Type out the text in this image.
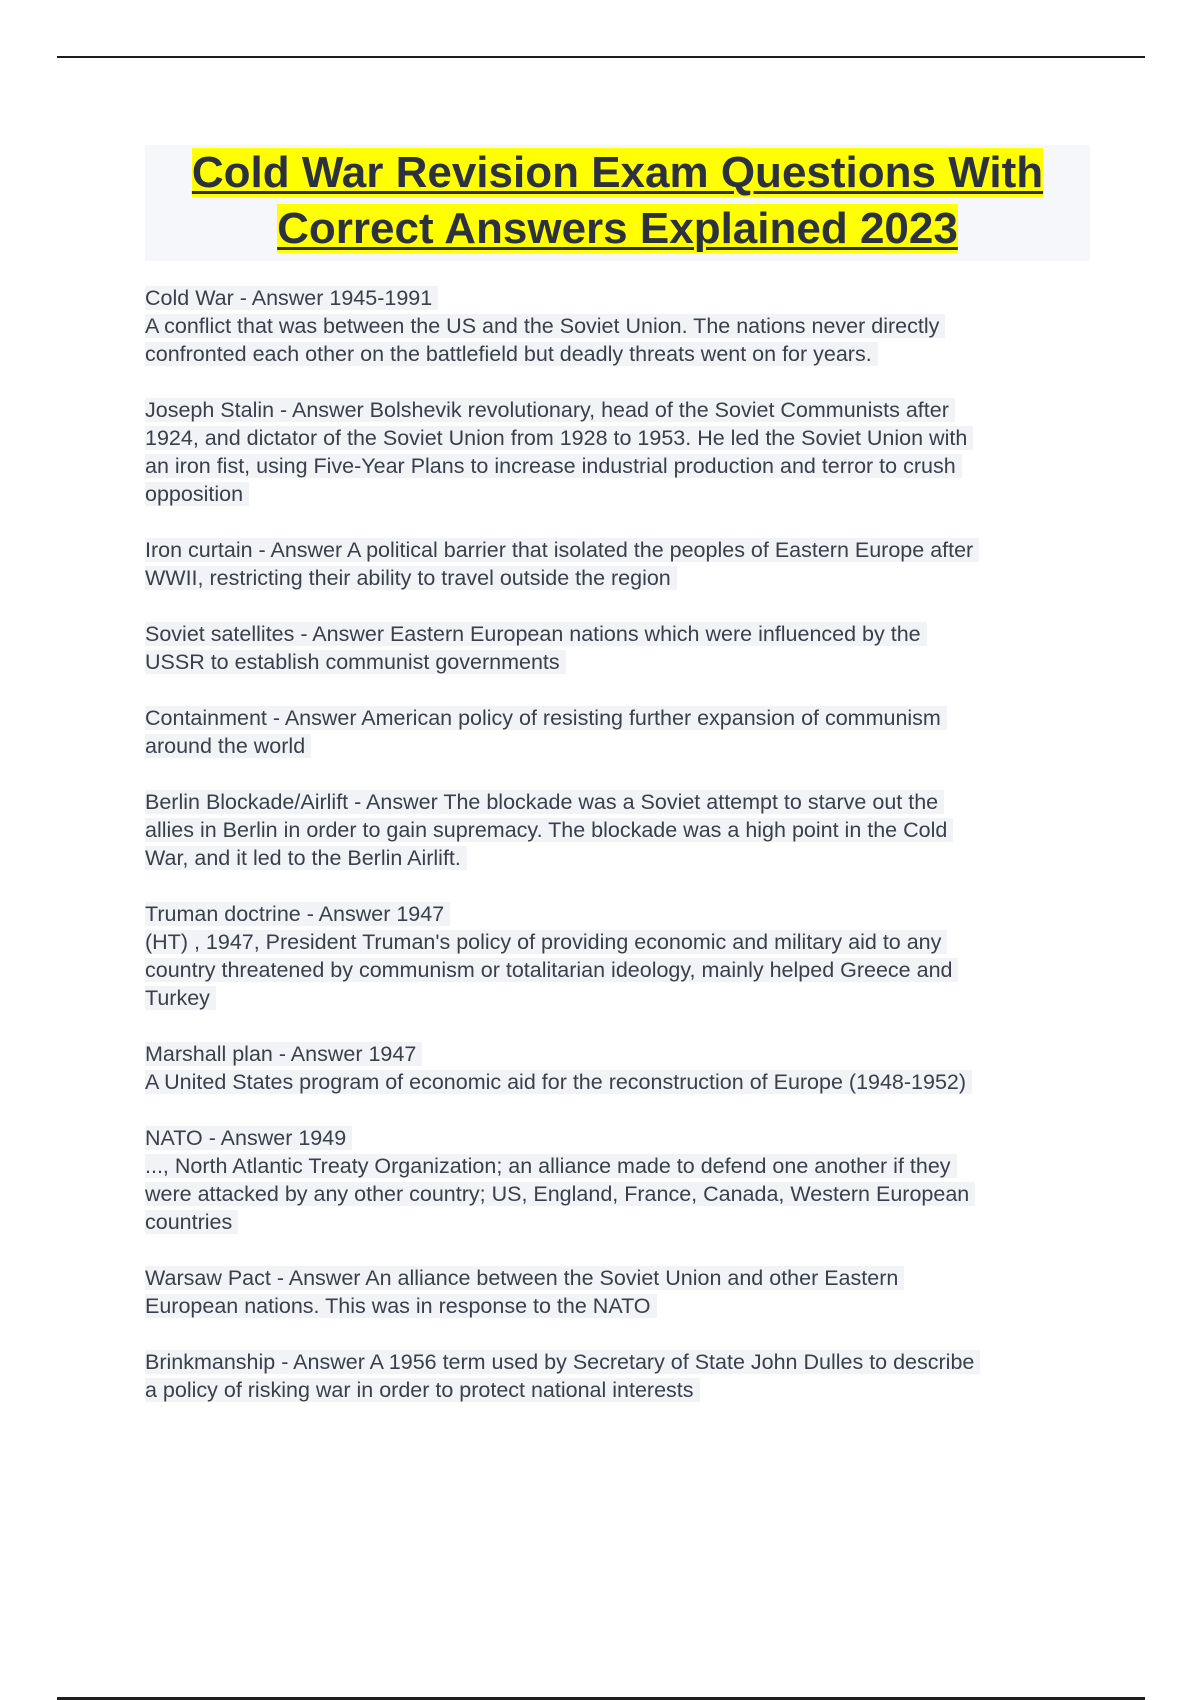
Cold War Revision Exam Questions With
Correct Answers Explained 2023
Cold War - Answer 1945-1991
A conflict that was between the US and the Soviet Union. The nations never directly
confronted each other on the battlefield but deadly threats went on for years.
Joseph Stalin - Answer Bolshevik revolutionary, head of the Soviet Communists after
1924, and dictator of the Soviet Union from 1928 to 1953. He led the Soviet Union with
an iron fist, using Five-Year Plans to increase industrial production and terror to crush
opposition
Iron curtain - Answer A political barrier that isolated the peoples of Eastern Europe after
WWII, restricting their ability to travel outside the region
Soviet satellites - Answer Eastern European nations which were influenced by the
USSR to establish communist governments
Containment - Answer American policy of resisting further expansion of communism
around the world
Berlin Blockade/Airlift - Answer The blockade was a Soviet attempt to starve out the
allies in Berlin in order to gain supremacy. The blockade was a high point in the Cold
War, and it led to the Berlin Airlift.
Truman doctrine - Answer 1947
(HT) , 1947, President Truman's policy of providing economic and military aid to any
country threatened by communism or totalitarian ideology, mainly helped Greece and
Turkey
Marshall plan - Answer 1947
A United States program of economic aid for the reconstruction of Europe (1948-1952)
NATO - Answer 1949
..., North Atlantic Treaty Organization; an alliance made to defend one another if they
were attacked by any other country; US, England, France, Canada, Western European
countries
Warsaw Pact - Answer An alliance between the Soviet Union and other Eastern
European nations. This was in response to the NATO
Brinkmanship - Answer A 1956 term used by Secretary of State John Dulles to describe
a policy of risking war in order to protect national interests
